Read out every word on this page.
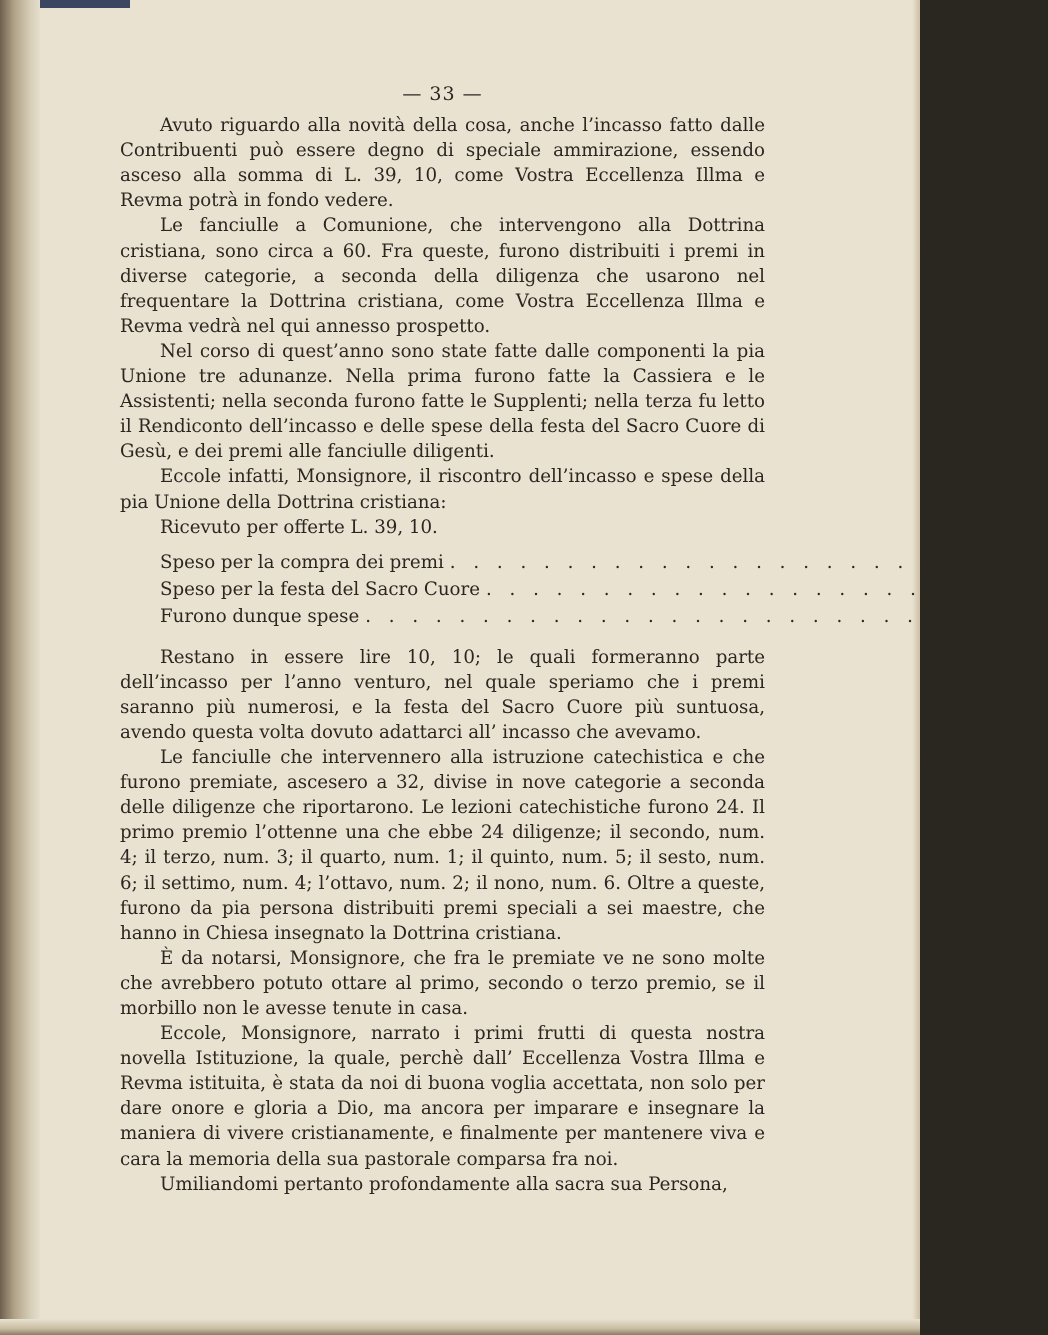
— 33 —

Avuto riguardo alla novità della cosa, anche l’incasso fatto dalle Contribuenti può essere degno di speciale ammirazione, essendo asceso alla somma di L. 39, 10, come Vostra Eccellenza Illma e Revma potrà in fondo vedere.

Le fanciulle a Comunione, che intervengono alla Dottrina cristiana, sono circa a 60. Fra queste, furono distribuiti i premi in diverse categorie, a seconda della diligenza che usarono nel frequentare la Dottrina cristiana, come Vostra Eccellenza Illma e Revma vedrà nel qui annesso prospetto.

Nel corso di quest’anno sono state fatte dalle componenti la pia Unione tre adunanze. Nella prima furono fatte la Cassiera e le Assistenti; nella seconda furono fatte le Supplenti; nella terza fu letto il Rendiconto dell’incasso e delle spese della festa del Sacro Cuore di Gesù, e dei premi alle fanciulle diligenti.

Eccole infatti, Monsignore, il riscontro dell’incasso e spese della pia Unione della Dottrina cristiana:

Ricevuto per offerte L. 39, 10.

Speso per la compra dei premi . . . . . . . . . . . . . . . . . . . . . L. 24, 00
Speso per la festa del Sacro Cuore . . . . . . . . . . . . . . . . . . . . . » 5, 00
Furono dunque spese . . . . . . . . . . . . . . . . . . . . . . . . . . L. 29, 00

Restano in essere lire 10, 10; le quali formeranno parte dell’incasso per l’anno venturo, nel quale speriamo che i premi saranno più numerosi, e la festa del Sacro Cuore più suntuosa, avendo questa volta dovuto adattarci all’ incasso che avevamo.

Le fanciulle che intervennero alla istruzione catechistica e che furono premiate, ascesero a 32, divise in nove categorie a seconda delle diligenze che riportarono. Le lezioni catechistiche furono 24. Il primo premio l’ottenne una che ebbe 24 diligenze; il secondo, num. 4; il terzo, num. 3; il quarto, num. 1; il quinto, num. 5; il sesto, num. 6; il settimo, num. 4; l’ottavo, num. 2; il nono, num. 6. Oltre a queste, furono da pia persona distribuiti premi speciali a sei maestre, che hanno in Chiesa insegnato la Dottrina cristiana.

È da notarsi, Monsignore, che fra le premiate ve ne sono molte che avrebbero potuto ottare al primo, secondo o terzo premio, se il morbillo non le avesse tenute in casa.

Eccole, Monsignore, narrato i primi frutti di questa nostra novella Istituzione, la quale, perchè dall’ Eccellenza Vostra Illma e Revma istituita, è stata da noi di buona voglia accettata, non solo per dare onore e gloria a Dio, ma ancora per imparare e insegnare la maniera di vivere cristianamente, e finalmente per mantenere viva e cara la memoria della sua pastorale comparsa fra noi.

Umiliandomi pertanto profondamente alla sacra sua Persona,
